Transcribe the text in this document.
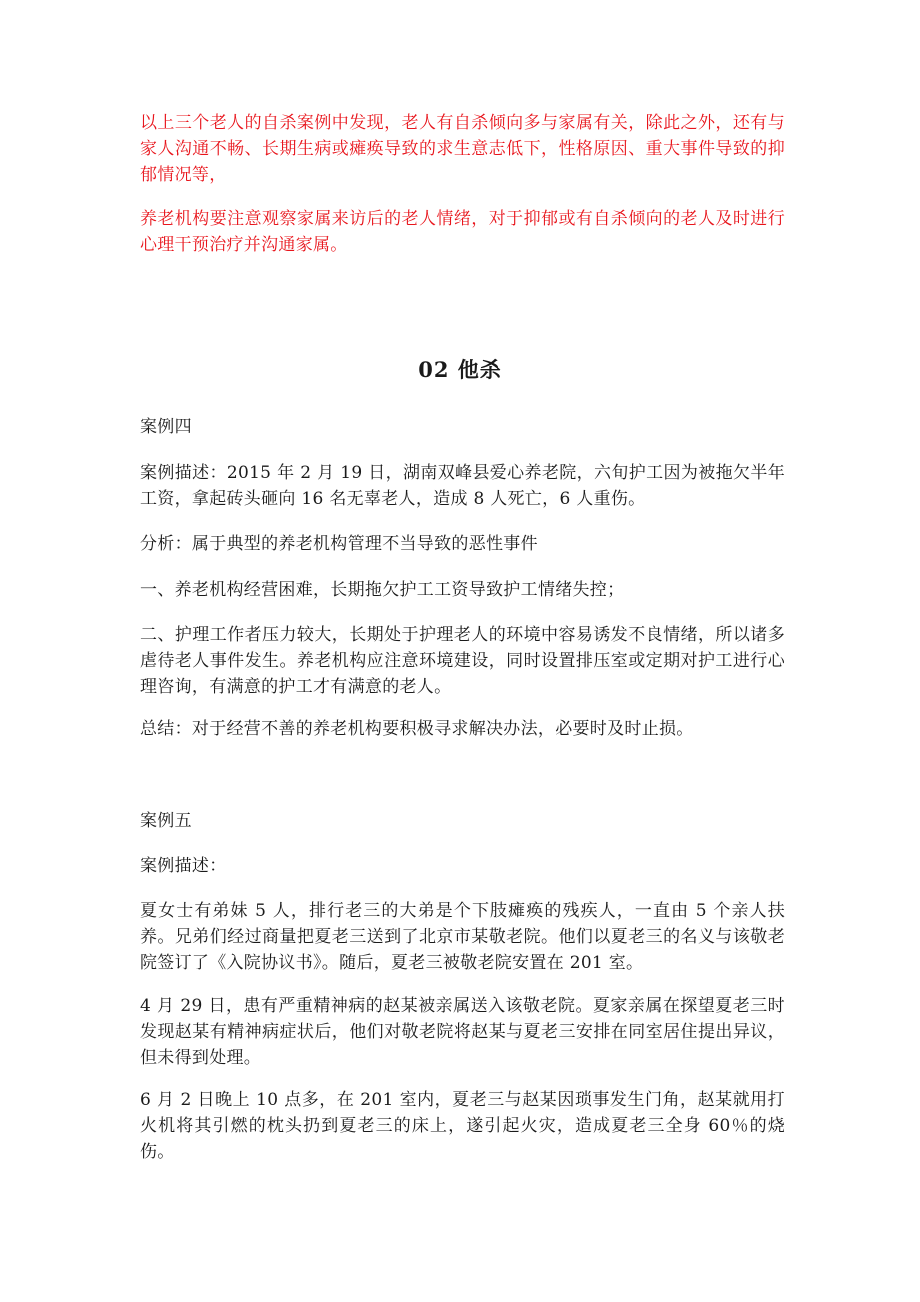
以上三个老人的自杀案例中发现，老人有自杀倾向多与家属有关，除此之外，还有与家人沟通不畅、长期生病或瘫痪导致的求生意志低下，性格原因、重大事件导致的抑郁情况等，

养老机构要注意观察家属来访后的老人情绪，对于抑郁或有自杀倾向的老人及时进行心理干预治疗并沟通家属。

02 他杀

案例四

案例描述：2015 年 2 月 19 日，湖南双峰县爱心养老院，六旬护工因为被拖欠半年工资，拿起砖头砸向 16 名无辜老人，造成 8 人死亡，6 人重伤。

分析：属于典型的养老机构管理不当导致的恶性事件

一、养老机构经营困难，长期拖欠护工工资导致护工情绪失控；

二、护理工作者压力较大，长期处于护理老人的环境中容易诱发不良情绪，所以诸多虐待老人事件发生。养老机构应注意环境建设，同时设置排压室或定期对护工进行心理咨询，有满意的护工才有满意的老人。

总结：对于经营不善的养老机构要积极寻求解决办法，必要时及时止损。

案例五

案例描述：

夏女士有弟妹 5 人，排行老三的大弟是个下肢瘫痪的残疾人，一直由 5 个亲人扶养。兄弟们经过商量把夏老三送到了北京市某敬老院。他们以夏老三的名义与该敬老院签订了《入院协议书》。随后，夏老三被敬老院安置在 201 室。

4 月 29 日，患有严重精神病的赵某被亲属送入该敬老院。夏家亲属在探望夏老三时发现赵某有精神病症状后，他们对敬老院将赵某与夏老三安排在同室居住提出异议，但未得到处理。

6 月 2 日晚上 10 点多，在 201 室内，夏老三与赵某因琐事发生门角，赵某就用打火机将其引燃的枕头扔到夏老三的床上，遂引起火灾，造成夏老三全身 60％的烧伤。
